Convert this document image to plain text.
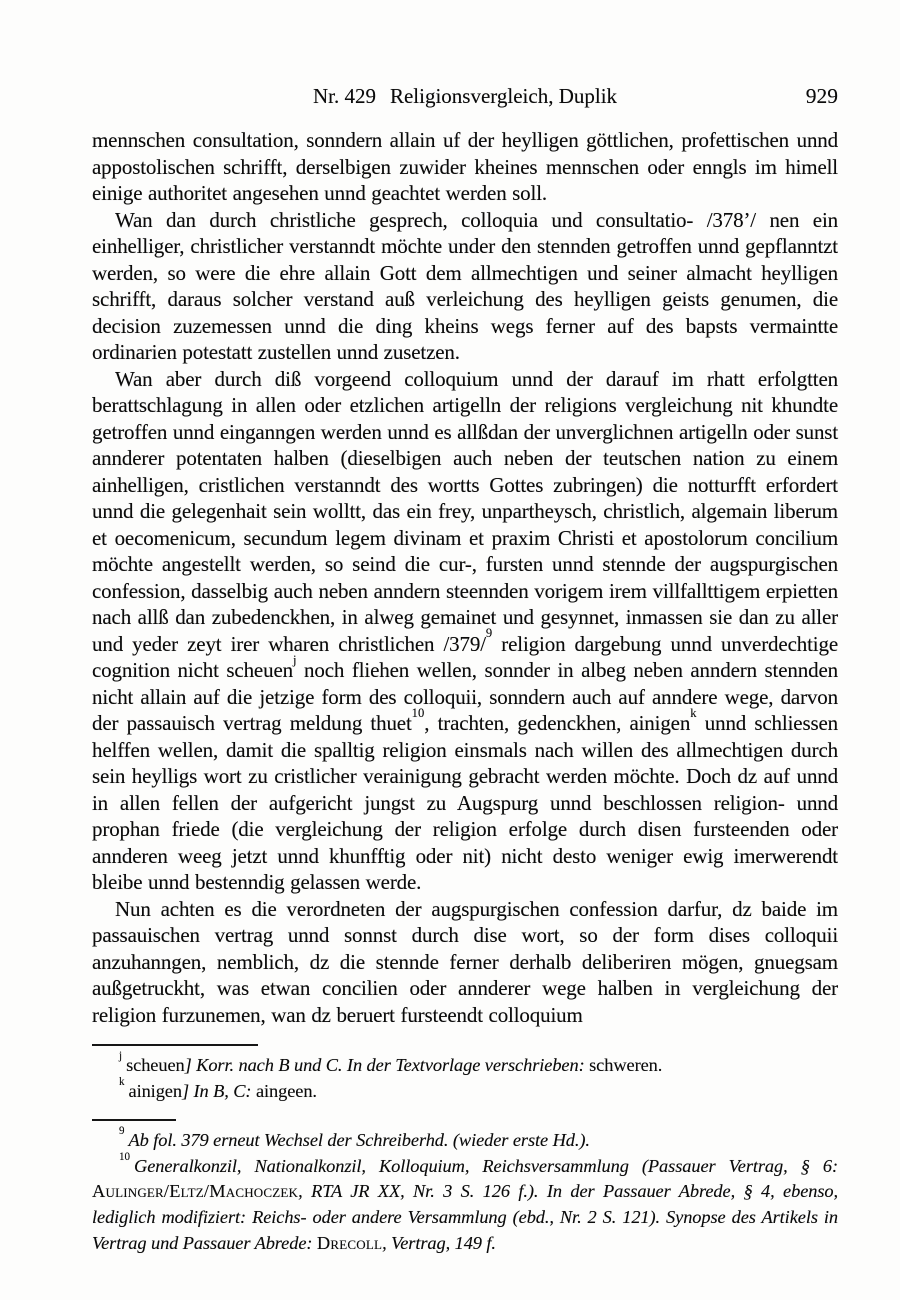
Nr. 429 Religionsvergleich, Duplik	929

mennschen consultation, sonndern allain uf der heylligen göttlichen, profettischen unnd appostolischen schrifft, derselbigen zuwider kheines mennschen oder enngls im himell einige authoritet angesehen unnd geachtet werden soll.

Wan dan durch christliche gesprech, colloquia und consultatio- /378’/ nen ein einhelliger, christlicher verstanndt möchte under den stennden getroffen unnd gepflanntzt werden, so were die ehre allain Gott dem allmechtigen und seiner almacht heylligen schrifft, daraus solcher verstand auß verleichung des heylligen geists genumen, die decision zuzemessen unnd die ding kheins wegs ferner auf des bapsts vermaintte ordinarien potestatt zustellen unnd zusetzen.

Wan aber durch diß vorgeend colloquium unnd der darauf im rhatt erfolgtten berattschlagung in allen oder etzlichen artigelln der religions vergleichung nit khundte getroffen unnd einganngen werden unnd es allßdan der unverglichnen artigelln oder sunst annderer potentaten halben (dieselbigen auch neben der teutschen nation zu einem ainhelligen, cristlichen verstanndt des wortts Gottes zubringen) die notturfft erfordert unnd die gelegenhait sein wolltt, das ein frey, unpartheysch, christlich, algemain liberum et oecomenicum, secundum legem divinam et praxim Christi et apostolorum concilium möchte angestellt werden, so seind die cur-, fursten unnd stennde der augspurgischen confession, dasselbig auch neben anndern steennden vorigem irem villfallttigem erpietten nach allß dan zubedenckhen, in alweg gemainet und gesynnet, inmassen sie dan zu aller und yeder zeyt irer wharen christlichen /379/$^9$ religion dargebung unnd unverdechtige cognition nicht scheuen$^j$ noch fliehen wellen, sonnder in albeg neben anndern stennden nicht allain auf die jetzige form des colloquii, sonndern auch auf anndere wege, darvon der passauisch vertrag meldung thuet$^{10}$, trachten, gedenckhen, ainigen$^k$ unnd schliessen helffen wellen, damit die spalltig religion einsmals nach willen des allmechtigen durch sein heylligs wort zu cristlicher verainigung gebracht werden möchte. Doch dz auf unnd in allen fellen der aufgericht jungst zu Augspurg unnd beschlossen religion- unnd prophan friede (die vergleichung der religion erfolge durch disen fursteenden oder annderen weeg jetzt unnd khunfftig oder nit) nicht desto weniger ewig imerwerendt bleibe unnd bestenndig gelassen werde.

Nun achten es die verordneten der augspurgischen confession darfur, dz baide im passauischen vertrag unnd sonnst durch dise wort, so der form dises colloquii anzuhanngen, nemblich, dz die stennde ferner derhalb deliberiren mögen, gnuegsam außgetruckht, was etwan concilien oder annderer wege halben in vergleichung der religion furzunemen, wan dz beruert fursteendt colloquium

$^j$ scheuen] Korr. nach B und C. In der Textvorlage verschrieben: schweren.

$^k$ ainigen] In B, C: aingeen.

$^9$ Ab fol. 379 erneut Wechsel der Schreiberhd. (wieder erste Hd.).

$^{10}$ Generalkonzil, Nationalkonzil, Kolloquium, Reichsversammlung (Passauer Vertrag, § 6: Aulinger/Eltz/Machoczek, RTA JR XX, Nr. 3 S. 126 f.). In der Passauer Abrede, § 4, ebenso, lediglich modifiziert: Reichs- oder andere Versammlung (ebd., Nr. 2 S. 121). Synopse des Artikels in Vertrag und Passauer Abrede: Drecoll, Vertrag, 149 f.
